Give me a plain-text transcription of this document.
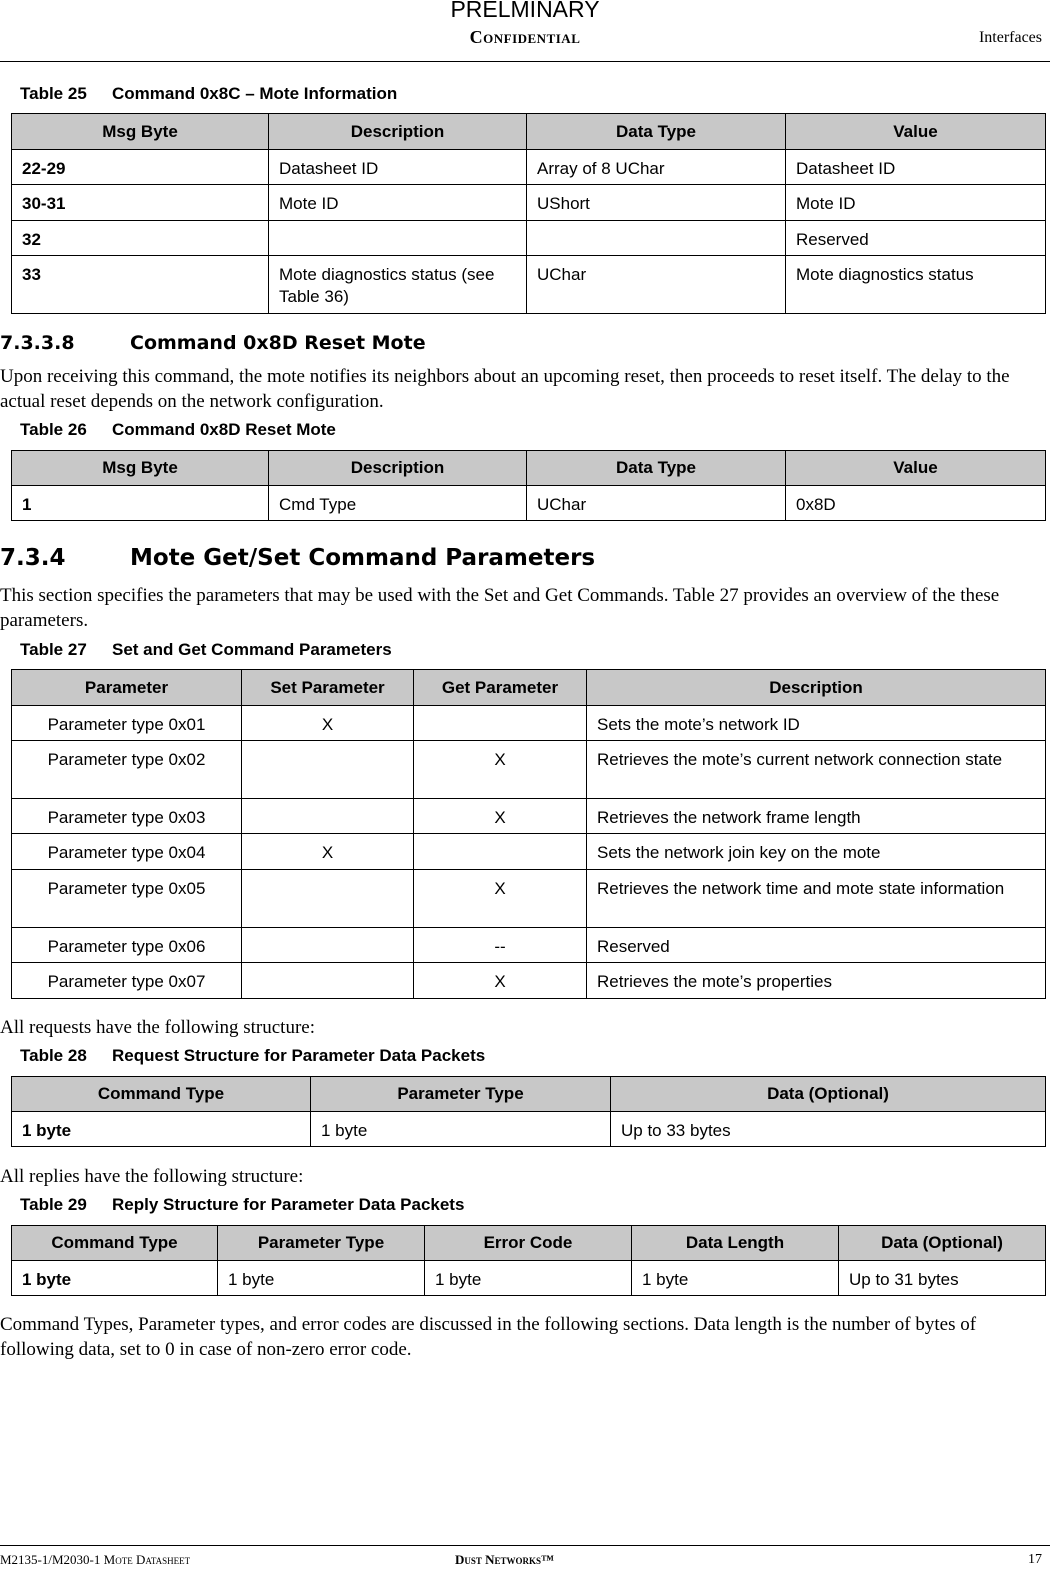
PRELMINARY
Confidential	Interfaces
Table 25 Command 0x8C – Mote Information
Msg Byte	Description	Data Type	Value
22-29	Datasheet ID	Array of 8 UChar	Datasheet ID
30-31	Mote ID	UShort	Mote ID
32			Reserved
33	Mote diagnostics status (see Table 36)	UChar	Mote diagnostics status
7.3.3.8	Command 0x8D Reset Mote
Upon receiving this command, the mote notifies its neighbors about an upcoming reset, then proceeds to reset itself. The delay to the actual reset depends on the network configuration.
Table 26 Command 0x8D Reset Mote
Msg Byte	Description	Data Type	Value
1	Cmd Type	UChar	0x8D
7.3.4	Mote Get/Set Command Parameters
This section specifies the parameters that may be used with the Set and Get Commands. Table 27 provides an overview of the these parameters.
Table 27 Set and Get Command Parameters
Parameter	Set Parameter	Get Parameter	Description
Parameter type 0x01	X		Sets the mote’s network ID
Parameter type 0x02		X	Retrieves the mote’s current network connection state
Parameter type 0x03		X	Retrieves the network frame length
Parameter type 0x04	X		Sets the network join key on the mote
Parameter type 0x05		X	Retrieves the network time and mote state information
Parameter type 0x06		--	Reserved
Parameter type 0x07		X	Retrieves the mote’s properties
All requests have the following structure:
Table 28 Request Structure for Parameter Data Packets
Command Type	Parameter Type	Data (Optional)
1 byte	1 byte	Up to 33 bytes
All replies have the following structure:
Table 29 Reply Structure for Parameter Data Packets
Command Type	Parameter Type	Error Code	Data Length	Data (Optional)
1 byte	1 byte	1 byte	1 byte	Up to 31 bytes
Command Types, Parameter types, and error codes are discussed in the following sections. Data length is the number of bytes of following data, set to 0 in case of non-zero error code.
M2135-1/M2030-1 Mote Datasheet	Dust Networks™	17
